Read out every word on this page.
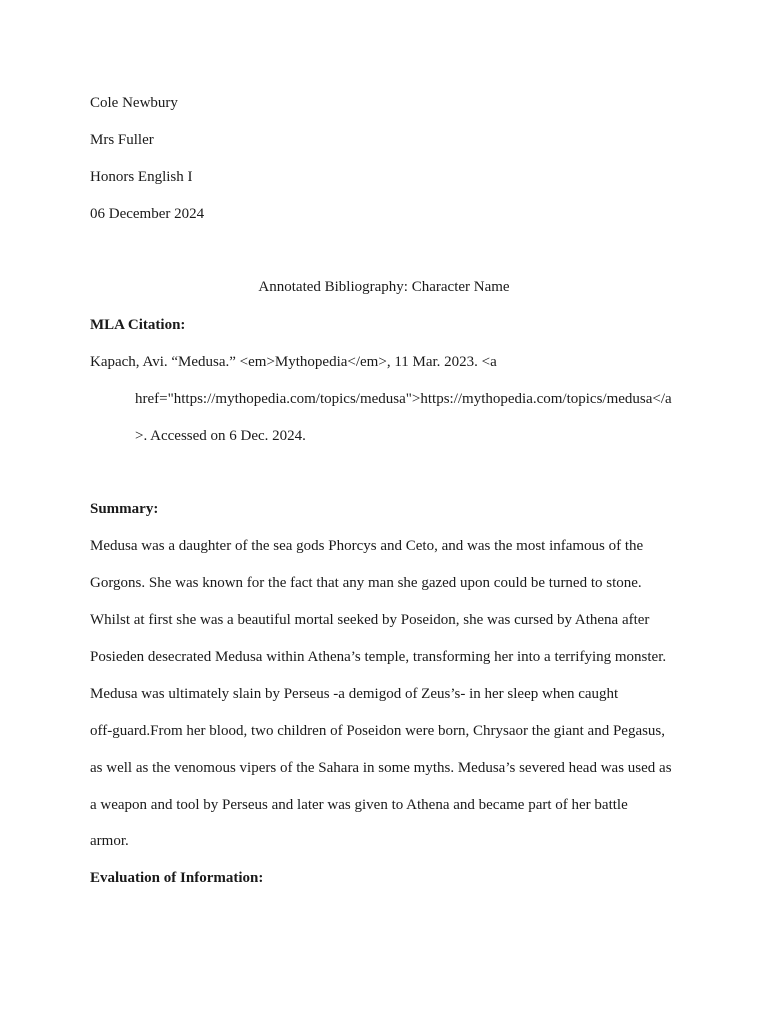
Cole Newbury
Mrs Fuller
Honors English I
06 December 2024
Annotated Bibliography: Character Name
MLA Citation:
Kapach, Avi. “Medusa.” <em>Mythopedia</em>, 11 Mar. 2023. <a
href="https://mythopedia.com/topics/medusa">https://mythopedia.com/topics/medusa</a
>. Accessed on 6 Dec. 2024.
Summary:
Medusa was a daughter of the sea gods Phorcys and Ceto, and was the most infamous of the
Gorgons. She was known for the fact that any man she gazed upon could be turned to stone.
Whilst at first she was a beautiful mortal seeked by Poseidon, she was cursed by Athena after
Posieden desecrated Medusa within Athena’s temple, transforming her into a terrifying monster.
Medusa was ultimately slain by Perseus -a demigod of Zeus’s- in her sleep when caught
off-guard.From her blood, two children of Poseidon were born, Chrysaor the giant and Pegasus,
as well as the venomous vipers of the Sahara in some myths. Medusa’s severed head was used as
a weapon and tool by Perseus and later was given to Athena and became part of her battle
armor.
Evaluation of Information:
